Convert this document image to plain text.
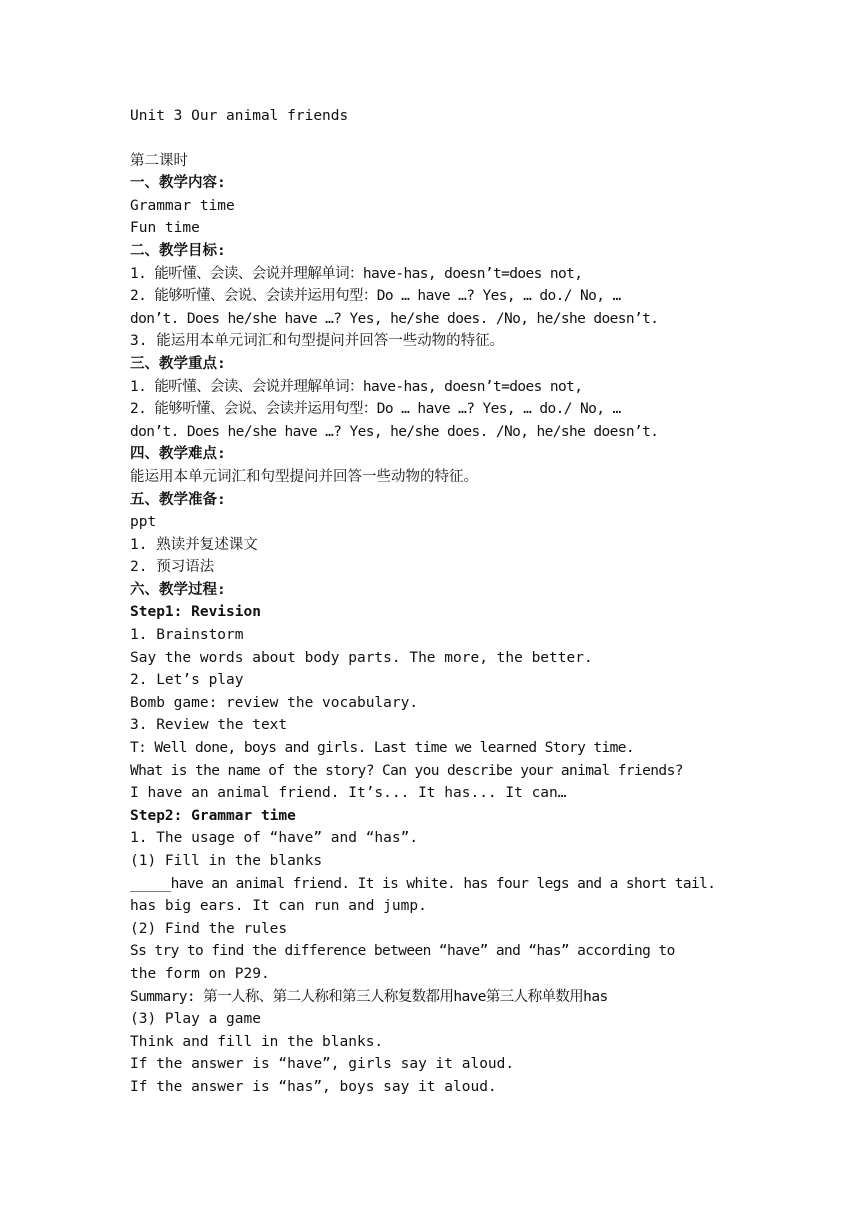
Unit 3 Our animal friends
第二课时
一、教学内容:
Grammar time
Fun time
二、教学目标:
1. 能听懂、会读、会说并理解单词：have-has, doesn’t=does not,
2. 能够听懂、会说、会读并运用句型：Do … have …? Yes, … do./ No, …
don’t. Does he/she have …? Yes, he/she does. /No, he/she doesn’t.
3. 能运用本单元词汇和句型提问并回答一些动物的特征。
三、教学重点:
1. 能听懂、会读、会说并理解单词：have-has, doesn’t=does not,
2. 能够听懂、会说、会读并运用句型：Do … have …? Yes, … do./ No, …
don’t. Does he/she have …? Yes, he/she does. /No, he/she doesn’t.
四、教学难点:
能运用本单元词汇和句型提问并回答一些动物的特征。
五、教学准备:
ppt
1. 熟读并复述课文
2. 预习语法
六、教学过程:
Step1: Revision
1. Brainstorm
Say the words about body parts. The more, the better.
2. Let’s play
Bomb game: review the vocabulary.
3. Review the text
T: Well done, boys and girls. Last time we learned Story time.
What is the name of the story? Can you describe your animal friends?
I have an animal friend. It’s... It has... It can…
Step2: Grammar time
1. The usage of “have” and “has”.
(1) Fill in the blanks
_____have an animal friend. It is white. has four legs and a short tail.
has big ears. It can run and jump.
(2) Find the rules
Ss try to find the difference between “have” and “has” according to
the form on P29.
Summary: 第一人称、第二人称和第三人称复数都用have第三人称单数用has
(3) Play a game
Think and fill in the blanks.
If the answer is “have”, girls say it aloud.
If the answer is “has”, boys say it aloud.
